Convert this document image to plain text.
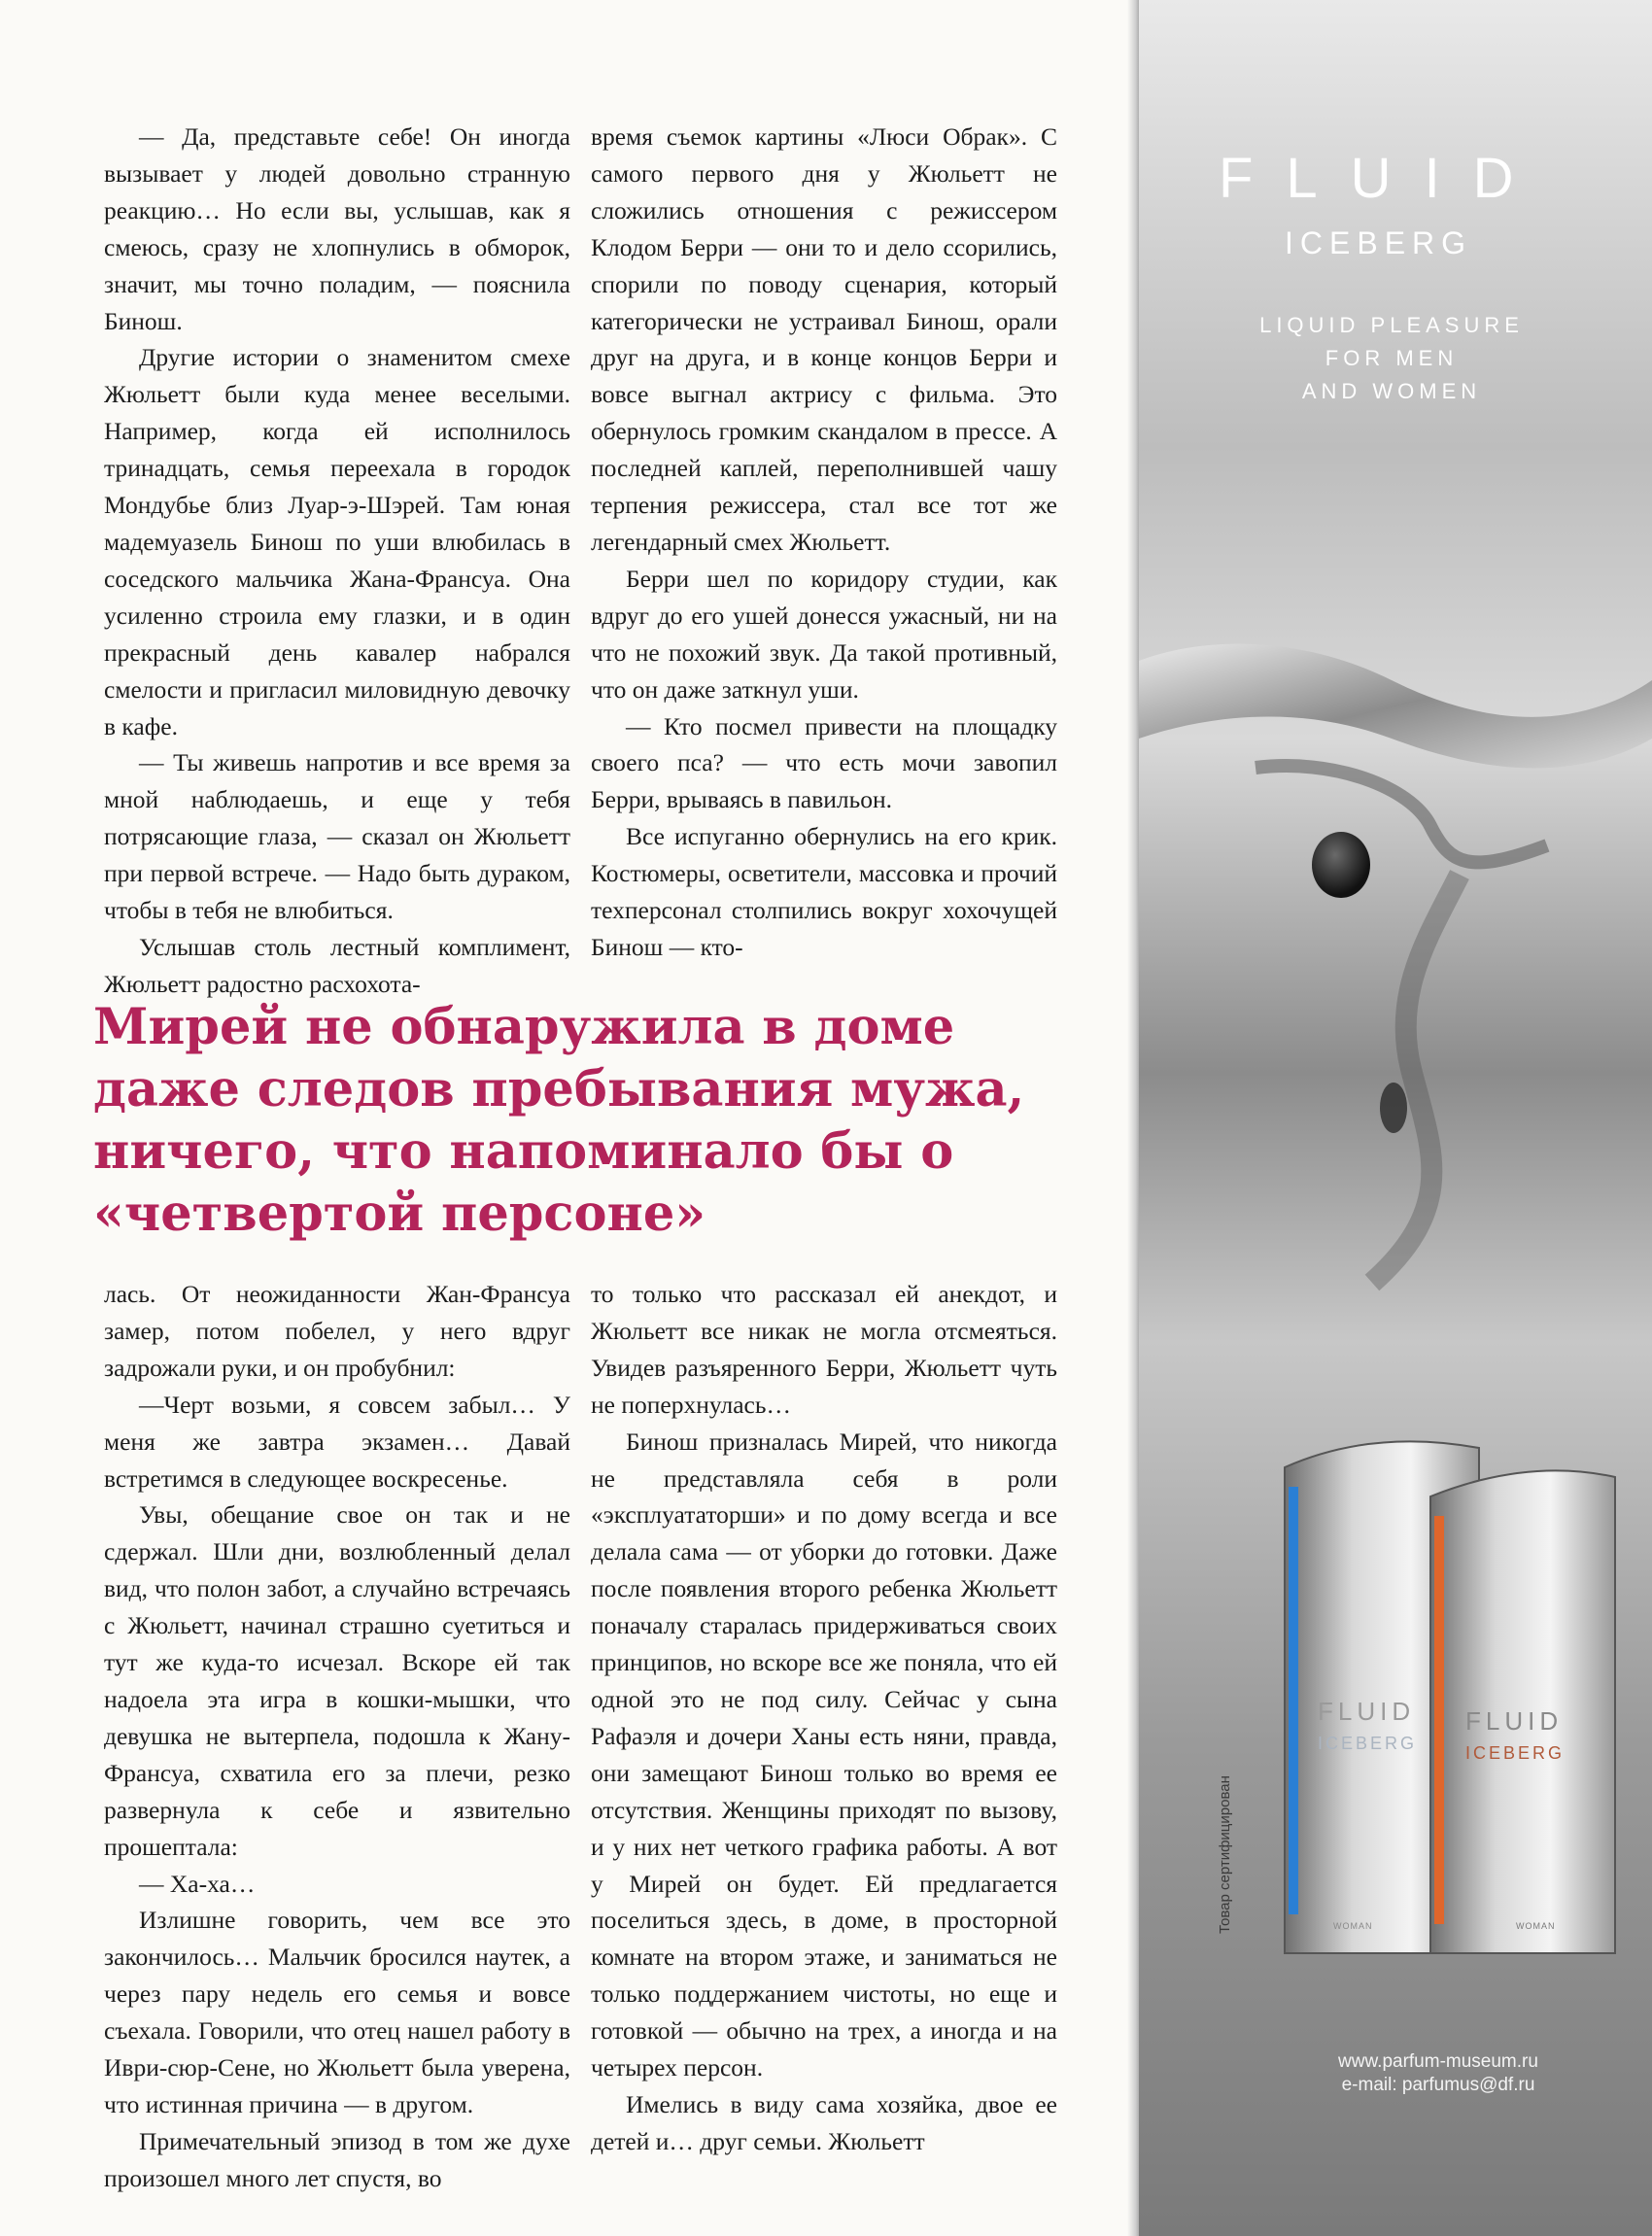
— Да, представьте себе! Он иногда вызывает у людей довольно странную реакцию… Но если вы, услышав, как я смеюсь, сразу не хлопнулись в обморок, значит, мы точно поладим, — пояснила Бинош.

Другие истории о знаменитом смехе Жюльетт были куда менее веселыми. Например, когда ей исполнилось тринадцать, семья переехала в городок Мондубье близ Луар-э-Шэрей. Там юная мадемуазель Бинош по уши влюбилась в соседского мальчика Жана-Франсуа. Она усиленно строила ему глазки, и в один прекрасный день кавалер набрался смелости и пригласил миловидную девочку в кафе.

— Ты живешь напротив и все время за мной наблюдаешь, и еще у тебя потрясающие глаза, — сказал он Жюльетт при первой встрече. — Надо быть дураком, чтобы в тебя не влюбиться.

Услышав столь лестный комплимент, Жюльетт радостно расхохота-

время съемок картины «Люси Обрак». С самого первого дня у Жюльетт не сложились отношения с режиссером Клодом Берри — они то и дело ссорились, спорили по поводу сценария, который категорически не устраивал Бинош, орали друг на друга, и в конце концов Берри и вовсе выгнал актрису с фильма. Это обернулось громким скандалом в прессе. А последней каплей, переполнившей чашу терпения режиссера, стал все тот же легендарный смех Жюльетт.

Берри шел по коридору студии, как вдруг до его ушей донесся ужасный, ни на что не похожий звук. Да такой противный, что он даже заткнул уши.

— Кто посмел привести на площадку своего пса? — что есть мочи завопил Берри, врываясь в павильон.

Все испуганно обернулись на его крик. Костюмеры, осветители, массовка и прочий техперсонал столпились вокруг хохочущей Бинош — кто-

Мирей не обнаружила в доме даже следов пребывания мужа, ничего, что напоминало бы о «четвертой персоне»

лась. От неожиданности Жан-Франсуа замер, потом побелел, у него вдруг задрожали руки, и он пробубнил:

—Черт возьми, я совсем забыл… У меня же завтра экзамен… Давай встретимся в следующее воскресенье.

Увы, обещание свое он так и не сдержал. Шли дни, возлюбленный делал вид, что полон забот, а случайно встречаясь с Жюльетт, начинал страшно суетиться и тут же куда-то исчезал. Вскоре ей так надоела эта игра в кошки-мышки, что девушка не вытерпела, подошла к Жану-Франсуа, схватила его за плечи, резко развернула к себе и язвительно прошептала:

— Ха-ха…

Излишне говорить, чем все это закончилось… Мальчик бросился наутек, а через пару недель его семья и вовсе съехала. Говорили, что отец нашел работу в Иври-сюр-Сене, но Жюльетт была уверена, что истинная причина — в другом.

Примечательный эпизод в том же духе произошел много лет спустя, во

то только что рассказал ей анекдот, и Жюльетт все никак не могла отсмеяться. Увидев разъяренного Берри, Жюльетт чуть не поперхнулась…

Бинош призналась Мирей, что никогда не представляла себя в роли «эксплуататорши» и по дому всегда и все делала сама — от уборки до готовки. Даже после появления второго ребенка Жюльетт поначалу старалась придерживаться своих принципов, но вскоре все же поняла, что ей одной это не под силу. Сейчас у сына Рафаэля и дочери Ханы есть няни, правда, они замещают Бинош только во время ее отсутствия. Женщины приходят по вызову, и у них нет четкого графика работы. А вот у Мирей он будет. Ей предлагается поселиться здесь, в доме, в просторной комнате на втором этаже, и заниматься не только поддержанием чистоты, но еще и готовкой — обычно на трех, а иногда и на четырех персон.

Имелись в виду сама хозяйка, двое ее детей и… друг семьи. Жюльетт

FLUID
ICEBERG
LIQUID PLEASURE
FOR MEN
AND WOMEN
FLUID
ICEBERG
WOMAN
FLUID
ICEBERG
WOMAN
Товар сертифицирован
www.parfum-museum.ru
e-mail: parfumus@df.ru
